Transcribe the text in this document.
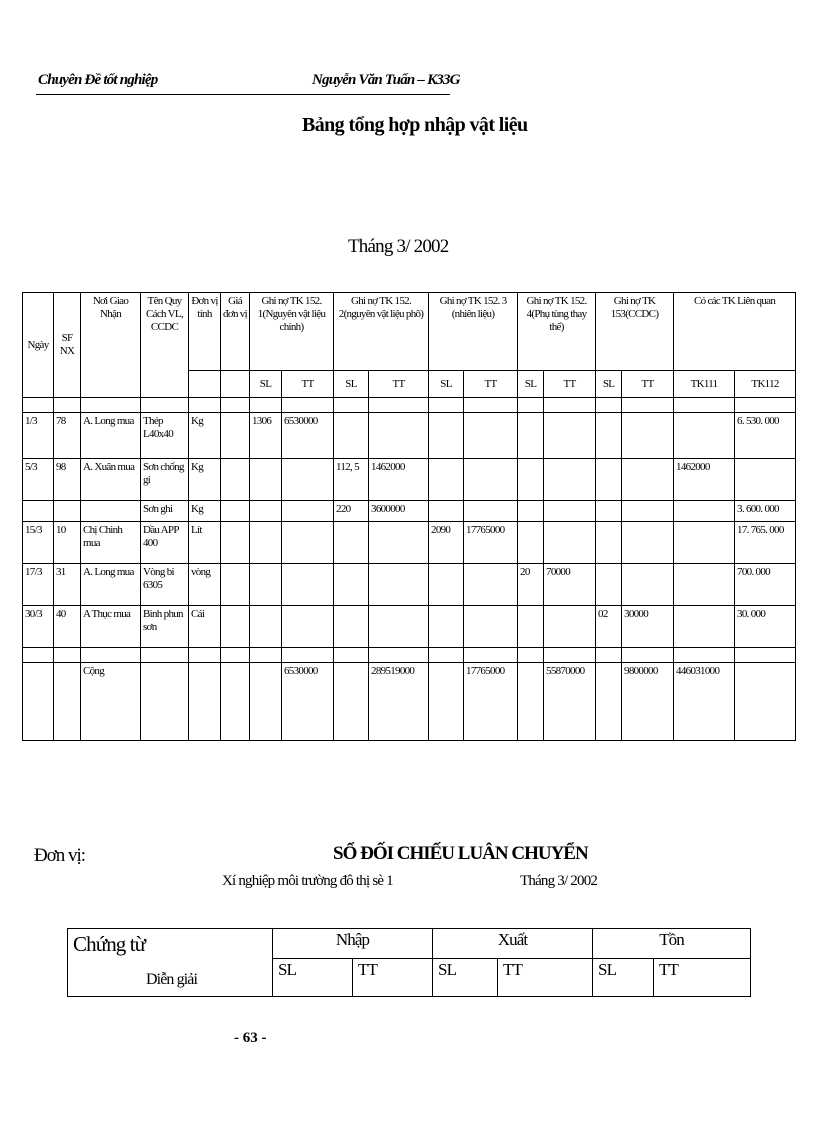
Chuyên Đề tốt nghiệp	Nguyễn Văn Tuấn – K33G
Bảng tổng hợp nhập vật liệu
Tháng 3/ 2002
Ngày	SF NX	Nơi Giao Nhận	Tên Quy Cách VL, CCDC	Đơn vị tính	Giá đơn vị	Ghi nợ TK 152. 1(Nguyên vật liệu chính)		Ghi nợ TK 152. 2(nguyên vật liệu phô)		Ghi nợ TK 152. 3 (nhiên liệu)		Ghi nợ TK 152. 4(Phụ tùng thay thế)		Ghi nợ TK 153(CCDC)		Có các TK Liên quan	
						SL	TT	SL	TT	SL	TT	SL	TT	SL	TT	TK111	TK112

1/3	78	A. Long mua	Thép L40x40	Kg		1306	6530000										6. 530. 000
5/3	98	A. Xuân mua	Sơn chống gỉ	Kg				112, 5	1462000							1462000	
			Sơn ghi	Kg				220	3600000								3. 600. 000
15/3	10	Chị Chinh mua	Dầu APP 400	Lít						2090	17765000						17. 765. 000
17/3	31	A. Long mua	Vòng bi 6305	vòng								20	70000				700. 000
30/3	40	A Thục mua	Bình phun sơn	Cái										02	30000		30. 000

		Cộng					6530000		289519000		17765000		55870000		9800000	446031000	
Đơn vị:	SỔ ĐỐI CHIẾU LUÂN CHUYỂN
Xí nghiệp môi trường đô thị sè 1	Tháng 3/ 2002
Chứng từ
Diễn giải	Nhập		Xuất		Tồn	
	SL	TT	SL	TT	SL	TT
- 63 -
